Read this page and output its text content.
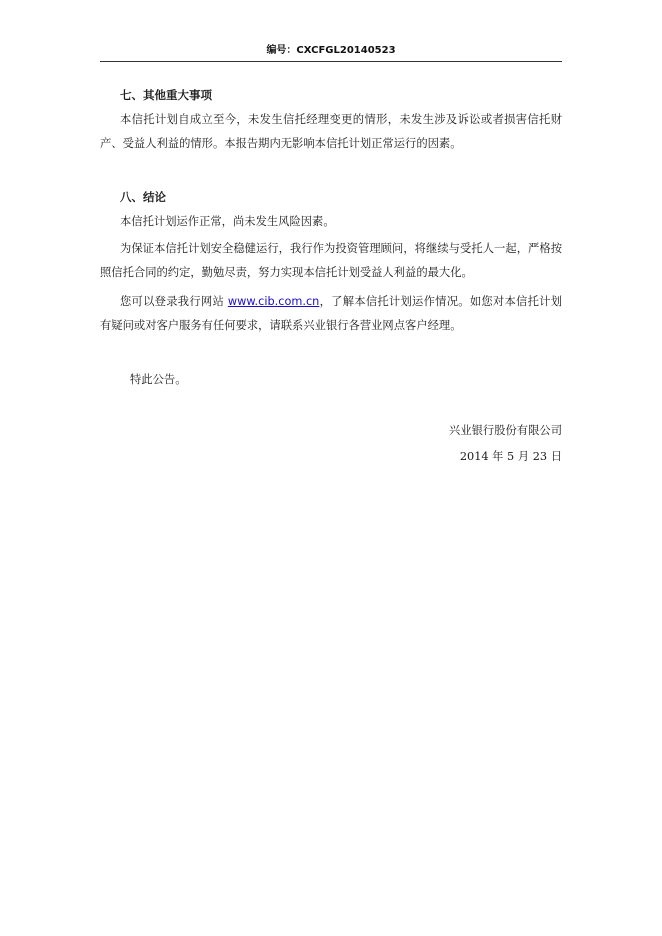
编号：CXCFGL20140523
七、其他重大事项

本信托计划自成立至今，未发生信托经理变更的情形，未发生涉及诉讼或者损害信托财产、受益人利益的情形。本报告期内无影响本信托计划正常运行的因素。

八、结论

本信托计划运作正常，尚未发生风险因素。

为保证本信托计划安全稳健运行，我行作为投资管理顾问，将继续与受托人一起，严格按照信托合同的约定，勤勉尽责，努力实现本信托计划受益人利益的最大化。

您可以登录我行网站 www.cib.com.cn，了解本信托计划运作情况。如您对本信托计划有疑问或对客户服务有任何要求，请联系兴业银行各营业网点客户经理。

特此公告。
兴业银行股份有限公司
2014 年 5 月 23 日
